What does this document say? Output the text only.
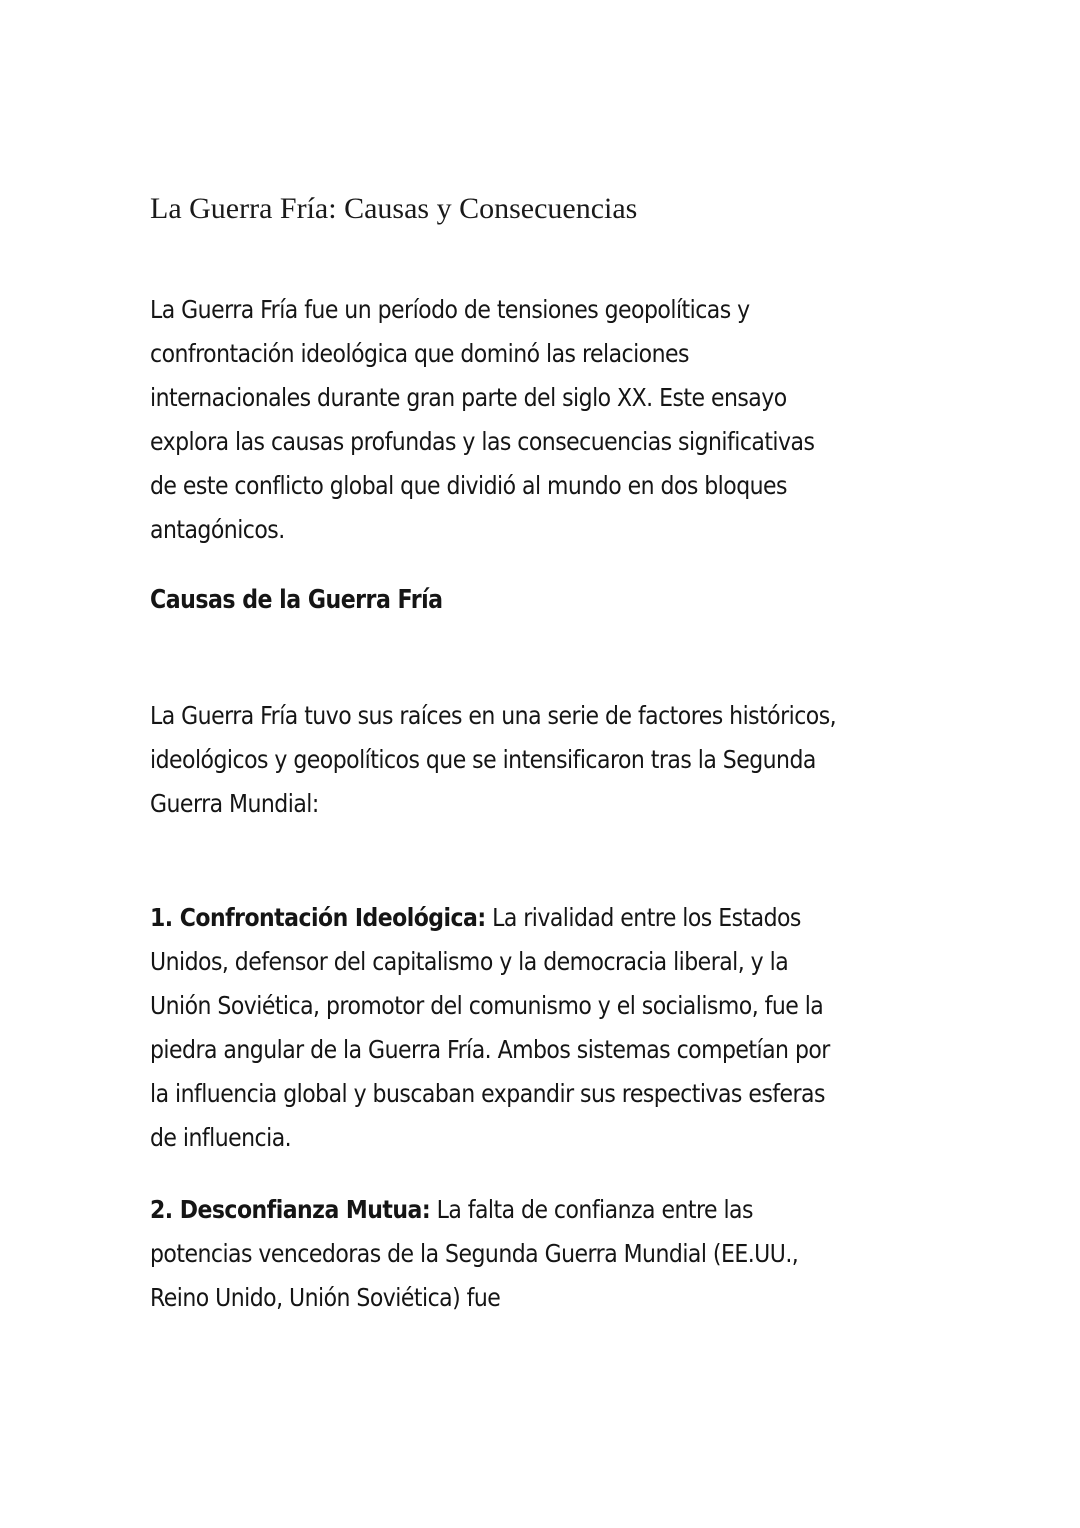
La Guerra Fría: Causas y Consecuencias

La Guerra Fría fue un período de tensiones geopolíticas y confrontación ideológica que dominó las relaciones internacionales durante gran parte del siglo XX. Este ensayo explora las causas profundas y las consecuencias significativas de este conflicto global que dividió al mundo en dos bloques antagónicos.

Causas de la Guerra Fría

La Guerra Fría tuvo sus raíces en una serie de factores históricos, ideológicos y geopolíticos que se intensificaron tras la Segunda Guerra Mundial:

1. Confrontación Ideológica: La rivalidad entre los Estados Unidos, defensor del capitalismo y la democracia liberal, y la Unión Soviética, promotor del comunismo y el socialismo, fue la piedra angular de la Guerra Fría. Ambos sistemas competían por la influencia global y buscaban expandir sus respectivas esferas de influencia.

2. Desconfianza Mutua: La falta de confianza entre las potencias vencedoras de la Segunda Guerra Mundial (EE.UU., Reino Unido, Unión Soviética) fue
